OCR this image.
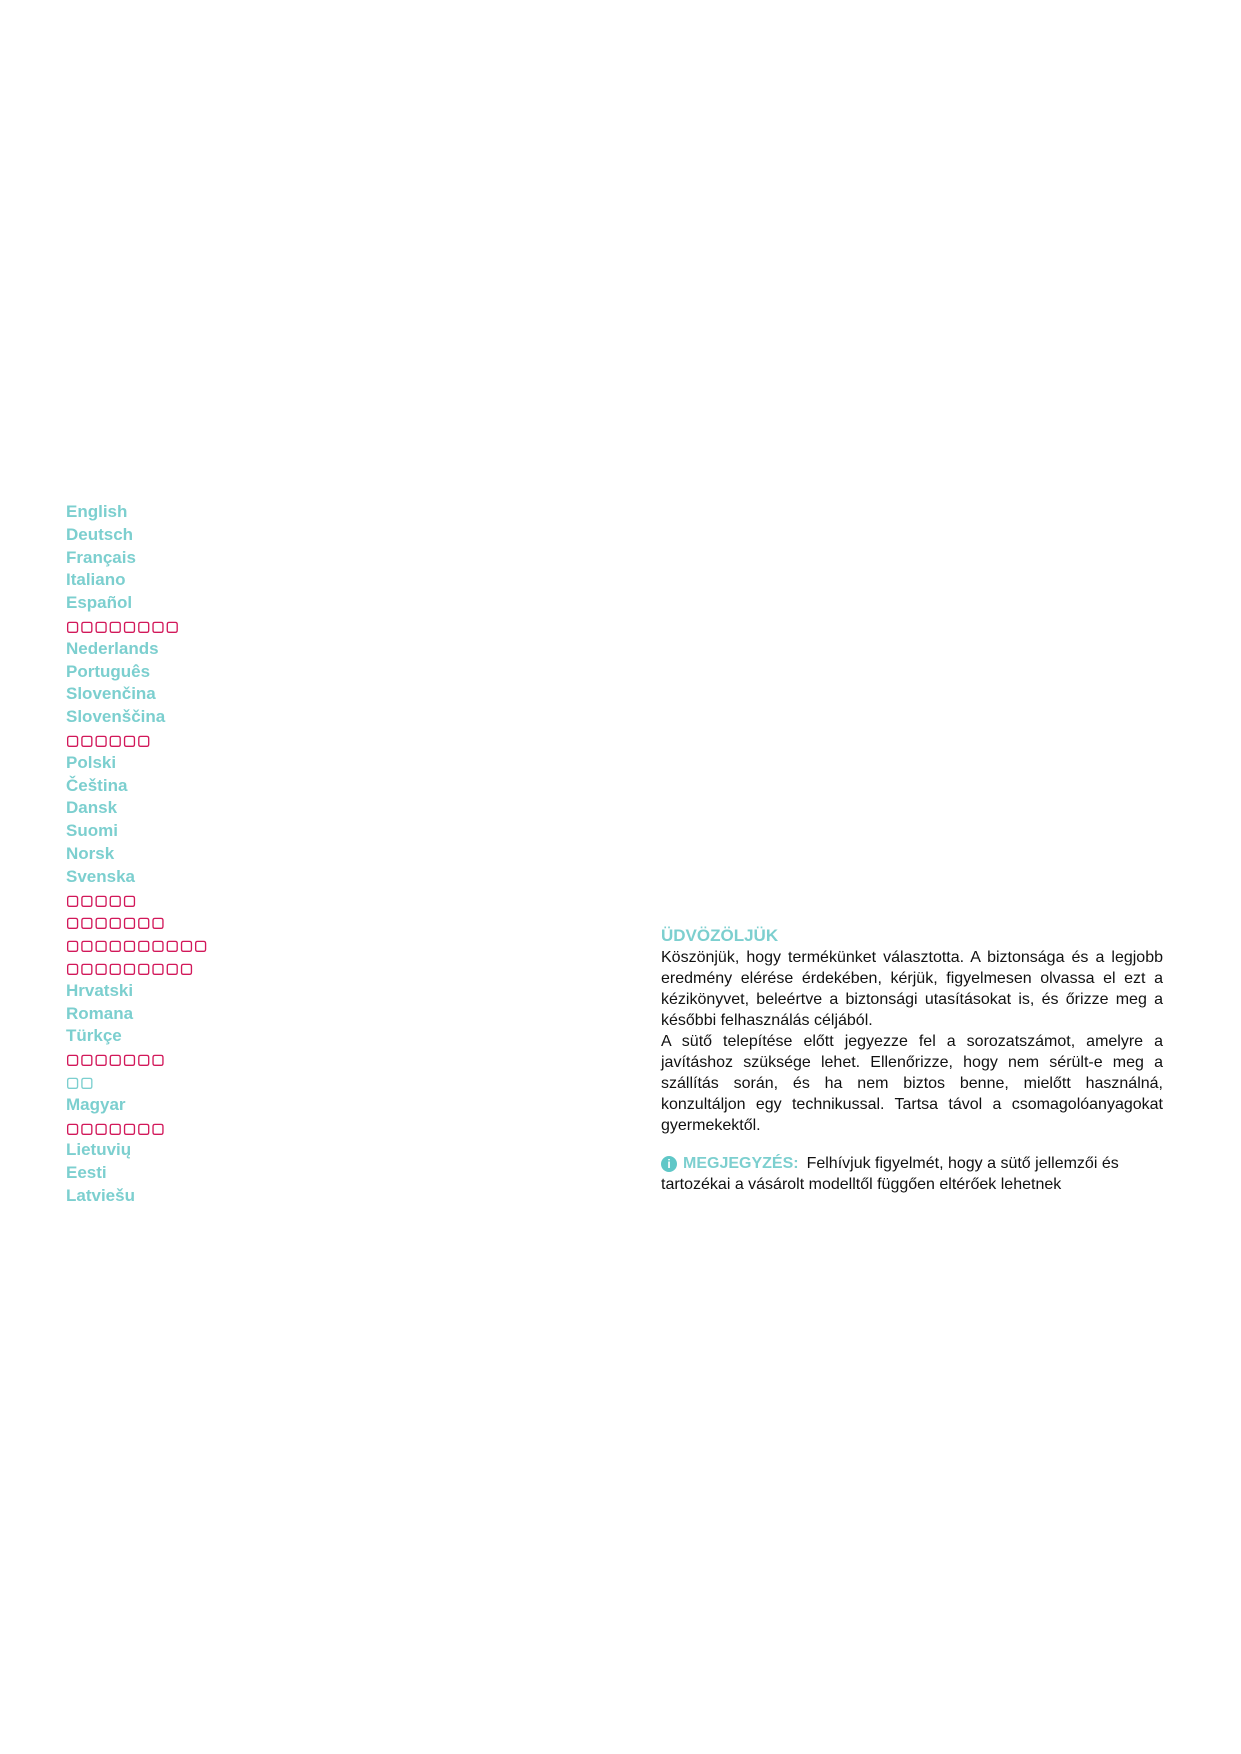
English
Deutsch
Français
Italiano
Español
▢▢▢▢▢▢▢▢
Nederlands
Português
Slovenčina
Slovenščina
▢▢▢▢▢▢
Polski
Čeština
Dansk
Suomi
Norsk
Svenska
▢▢▢▢▢
▢▢▢▢▢▢▢
▢▢▢▢▢▢▢▢▢▢
▢▢▢▢▢▢▢▢▢
Hrvatski
Romana
Türkçe
▢▢▢▢▢▢▢
▢▢
Magyar
▢▢▢▢▢▢▢
Lietuvių
Eesti
Latviešu
ÜDVÖZÖLJÜK

Köszönjük, hogy termékünket választotta. A biztonsága és a legjobb eredmény elérése érdekében, kérjük, figyelmesen olvassa el ezt a kézikönyvet, beleértve a biztonsági utasításokat is, és őrizze meg a későbbi felhasználás céljából.

A sütő telepítése előtt jegyezze fel a sorozatszámot, amelyre a javításhoz szüksége lehet. Ellenőrizze, hogy nem sérült-e meg a szállítás során, és ha nem biztos benne, mielőtt használná, konzultáljon egy technikussal. Tartsa távol a csomagolóanyagokat gyermekektől.

i MEGJEGYZÉS: Felhívjuk figyelmét, hogy a sütő jellemzői és tartozékai a vásárolt modelltől függően eltérőek lehetnek
